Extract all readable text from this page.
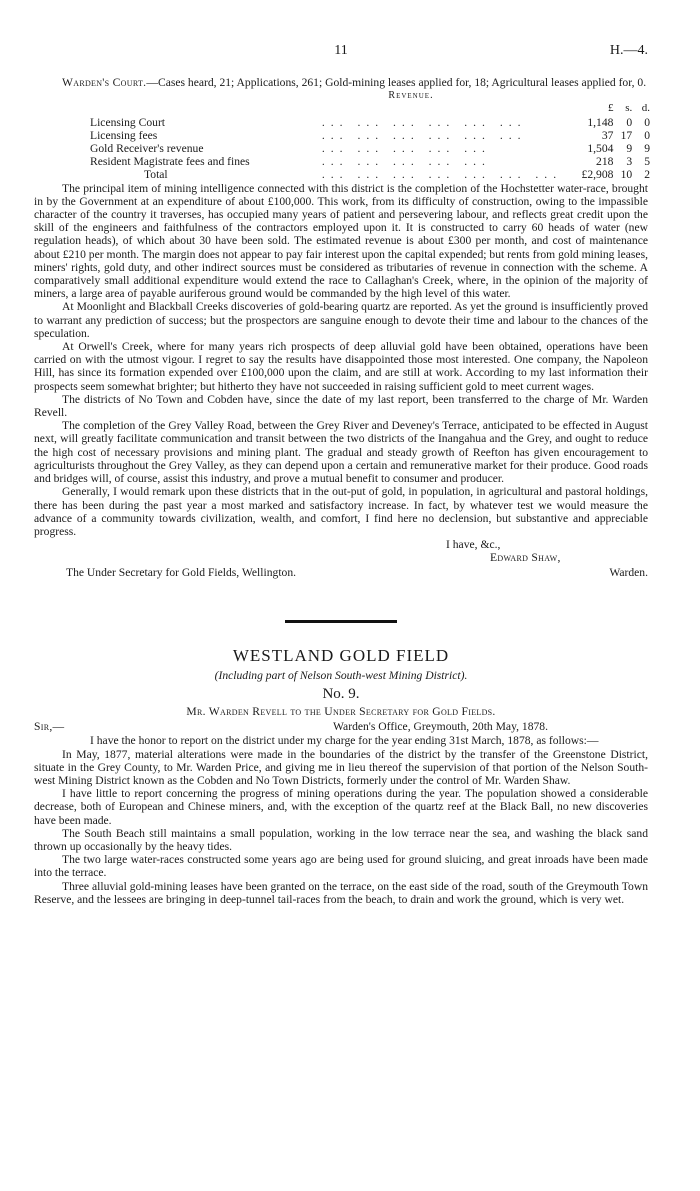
11	H.—4.

Warden's Court.—Cases heard, 21; Applications, 261; Gold-mining leases applied for, 18; Agricultural leases applied for, 0.

Revenue.
		£	s.	d.
Licensing Court	... ... ... ... ... ...	1,148	0	0
Licensing fees	... ... ... ... ... ...	37	17	0
Gold Receiver's revenue	... ... ... ... ...	1,504	9	9
Resident Magistrate fees and fines	... ... ... ... ...	218	3	5
Total	... ... ... ... ... ... ...	£2,908	10	2

The principal item of mining intelligence connected with this district is the completion of the Hochstetter water-race, brought in by the Government at an expenditure of about £100,000. This work, from its difficulty of construction, owing to the impassible character of the country it traverses, has occupied many years of patient and persevering labour, and reflects great credit upon the skill of the engineers and faithfulness of the contractors employed upon it. It is constructed to carry 60 heads of water (new regulation heads), of which about 30 have been sold. The estimated revenue is about £300 per month, and cost of maintenance about £210 per month. The margin does not appear to pay fair interest upon the capital expended; but rents from gold mining leases, miners' rights, gold duty, and other indirect sources must be considered as tributaries of revenue in connection with the scheme. A comparatively small additional expenditure would extend the race to Callaghan's Creek, where, in the opinion of the majority of miners, a large area of payable auriferous ground would be commanded by the high level of this water.

At Moonlight and Blackball Creeks discoveries of gold-bearing quartz are reported. As yet the ground is insufficiently proved to warrant any prediction of success; but the prospectors are sanguine enough to devote their time and labour to the chances of the speculation.

At Orwell's Creek, where for many years rich prospects of deep alluvial gold have been obtained, operations have been carried on with the utmost vigour. I regret to say the results have disappointed those most interested. One company, the Napoleon Hill, has since its formation expended over £100,000 upon the claim, and are still at work. According to my last information their prospects seem somewhat brighter; but hitherto they have not succeeded in raising sufficient gold to meet current wages.

The districts of No Town and Cobden have, since the date of my last report, been transferred to the charge of Mr. Warden Revell.

The completion of the Grey Valley Road, between the Grey River and Deveney's Terrace, anticipated to be effected in August next, will greatly facilitate communication and transit between the two districts of the Inangahua and the Grey, and ought to reduce the high cost of necessary provisions and mining plant. The gradual and steady growth of Reefton has given encouragement to agriculturists throughout the Grey Valley, as they can depend upon a certain and remunerative market for their produce. Good roads and bridges will, of course, assist this industry, and prove a mutual benefit to consumer and producer.

Generally, I would remark upon these districts that in the out-put of gold, in population, in agricultural and pastoral holdings, there has been during the past year a most marked and satisfactory increase. In fact, by whatever test we would measure the advance of a community towards civilization, wealth, and comfort, I find here no declension, but substantive and appreciable progress.

I have, &c.,
Edward Shaw,
The Under Secretary for Gold Fields, Wellington.	Warden.
WESTLAND GOLD FIELD
(Including part of Nelson South-west Mining District).
No. 9.
Mr. Warden Revell to the Under Secretary for Gold Fields.
Sir,—	Warden's Office, Greymouth, 20th May, 1878.

I have the honor to report on the district under my charge for the year ending 31st March, 1878, as follows:—

In May, 1877, material alterations were made in the boundaries of the district by the transfer of the Greenstone District, situate in the Grey County, to Mr. Warden Price, and giving me in lieu thereof the supervision of that portion of the Nelson South-west Mining District known as the Cobden and No Town Districts, formerly under the control of Mr. Warden Shaw.

I have little to report concerning the progress of mining operations during the year. The population showed a considerable decrease, both of European and Chinese miners, and, with the exception of the quartz reef at the Black Ball, no new discoveries have been made.

The South Beach still maintains a small population, working in the low terrace near the sea, and washing the black sand thrown up occasionally by the heavy tides.

The two large water-races constructed some years ago are being used for ground sluicing, and great inroads have been made into the terrace.

Three alluvial gold-mining leases have been granted on the terrace, on the east side of the road, south of the Greymouth Town Reserve, and the lessees are bringing in deep-tunnel tail-races from the beach, to drain and work the ground, which is very wet.
